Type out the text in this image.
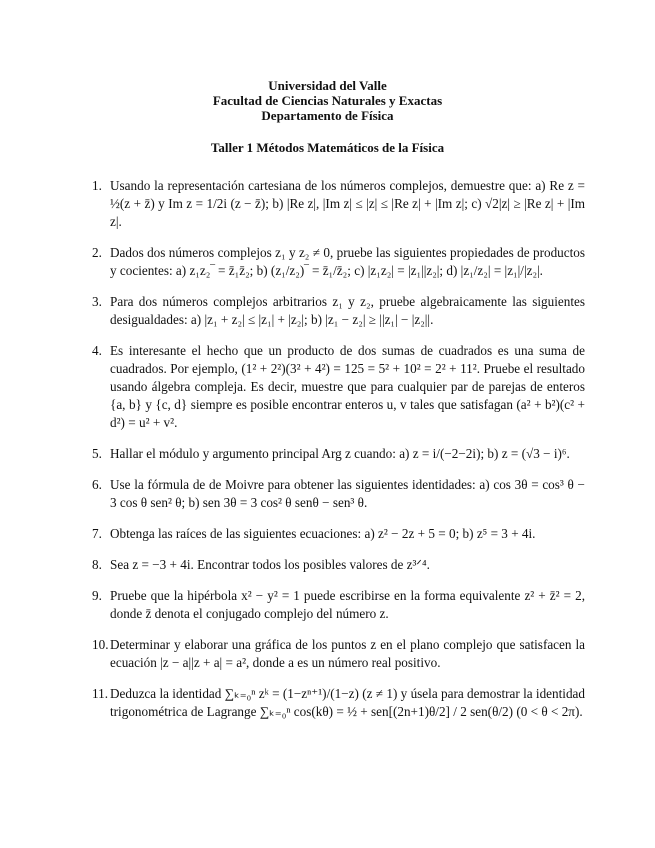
Universidad del Valle
Facultad de Ciencias Naturales y Exactas
Departamento de Física
Taller 1 Métodos Matemáticos de la Física
1. Usando la representación cartesiana de los números complejos, demuestre que: a) Re z = ½(z + z̄) y Im z = 1/2i (z − z̄); b) |Re z|, |Im z| ≤ |z| ≤ |Re z| + |Im z|; c) √2|z| ≥ |Re z| + |Im z|.
2. Dados dos números complejos z₁ y z₂ ≠ 0, pruebe las siguientes propiedades de productos y cocientes: a) z₁z₂‾ = z̄₁z̄₂; b) (z₁/z₂)‾ = z̄₁/z̄₂; c) |z₁z₂| = |z₁||z₂|; d) |z₁/z₂| = |z₁|/|z₂|.
3. Para dos números complejos arbitrarios z₁ y z₂, pruebe algebraicamente las siguientes desigualdades: a) |z₁ + z₂| ≤ |z₁| + |z₂|; b) |z₁ − z₂| ≥ ||z₁| − |z₂||.
4. Es interesante el hecho que un producto de dos sumas de cuadrados es una suma de cuadrados. Por ejemplo, (1² + 2²)(3² + 4²) = 125 = 5² + 10² = 2² + 11². Pruebe el resultado usando álgebra compleja. Es decir, muestre que para cualquier par de parejas de enteros {a, b} y {c, d} siempre es posible encontrar enteros u, v tales que satisfagan (a² + b²)(c² + d²) = u² + v².
5. Hallar el módulo y argumento principal Arg z cuando: a) z = i/(−2−2i); b) z = (√3 − i)⁶.
6. Use la fórmula de de Moivre para obtener las siguientes identidades: a) cos 3θ = cos³ θ − 3 cos θ sen² θ; b) sen 3θ = 3 cos² θ senθ − sen³ θ.
7. Obtenga las raíces de las siguientes ecuaciones: a) z² − 2z + 5 = 0; b) z⁵ = 3 + 4i.
8. Sea z = −3 + 4i. Encontrar todos los posibles valores de z³ᐟ⁴.
9. Pruebe que la hipérbola x² − y² = 1 puede escribirse en la forma equivalente z² + z̄² = 2, donde z̄ denota el conjugado complejo del número z.
10. Determinar y elaborar una gráfica de los puntos z en el plano complejo que satisfacen la ecuación |z − a||z + a| = a², donde a es un número real positivo.
11. Deduzca la identidad ∑ₖ₌₀ⁿ zᵏ = (1−zⁿ⁺¹)/(1−z) (z ≠ 1) y úsela para demostrar la identidad trigonométrica de Lagrange ∑ₖ₌₀ⁿ cos(kθ) = ½ + sen[(2n+1)θ/2] / 2 sen(θ/2) (0 < θ < 2π).
